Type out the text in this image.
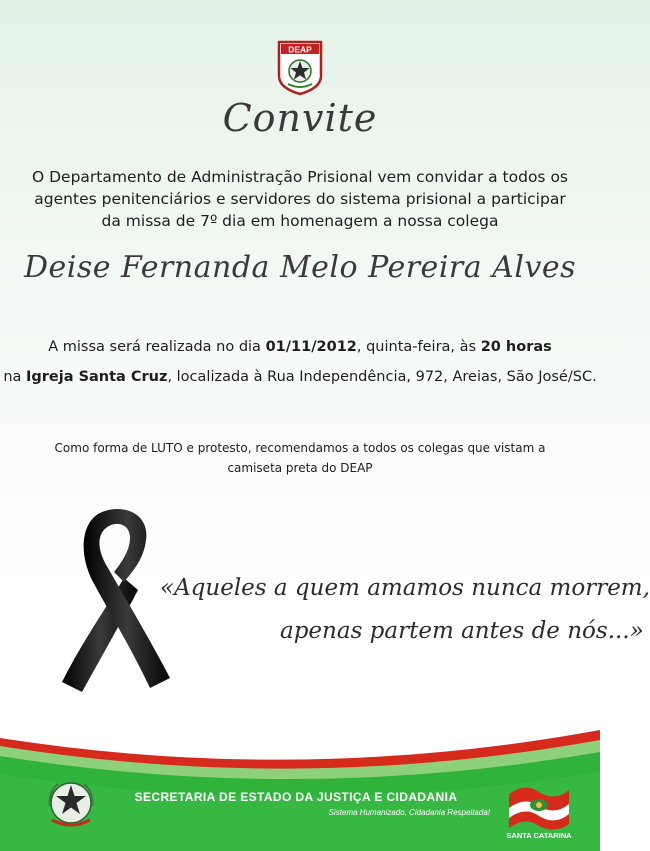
DEAP
Convite
O Departamento de Administração Prisional vem convidar a todos os agentes penitenciários e servidores do sistema prisional a participar da missa de 7º dia em homenagem a nossa colega
Deise Fernanda Melo Pereira Alves
A missa será realizada no dia 01/11/2012, quinta-feira, às 20 horas
na Igreja Santa Cruz, localizada à Rua Independência, 972, Areias, São José/SC.
Como forma de LUTO e protesto, recomendamos a todos os colegas que vistam a camiseta preta do DEAP
«Aqueles a quem amamos nunca morrem,
apenas partem antes de nós...»
SECRETARIA DE ESTADO DA JUSTIÇA E CIDADANIA
Sistema Humanizado, Cidadania Respeitada!
SANTA CATARINA
